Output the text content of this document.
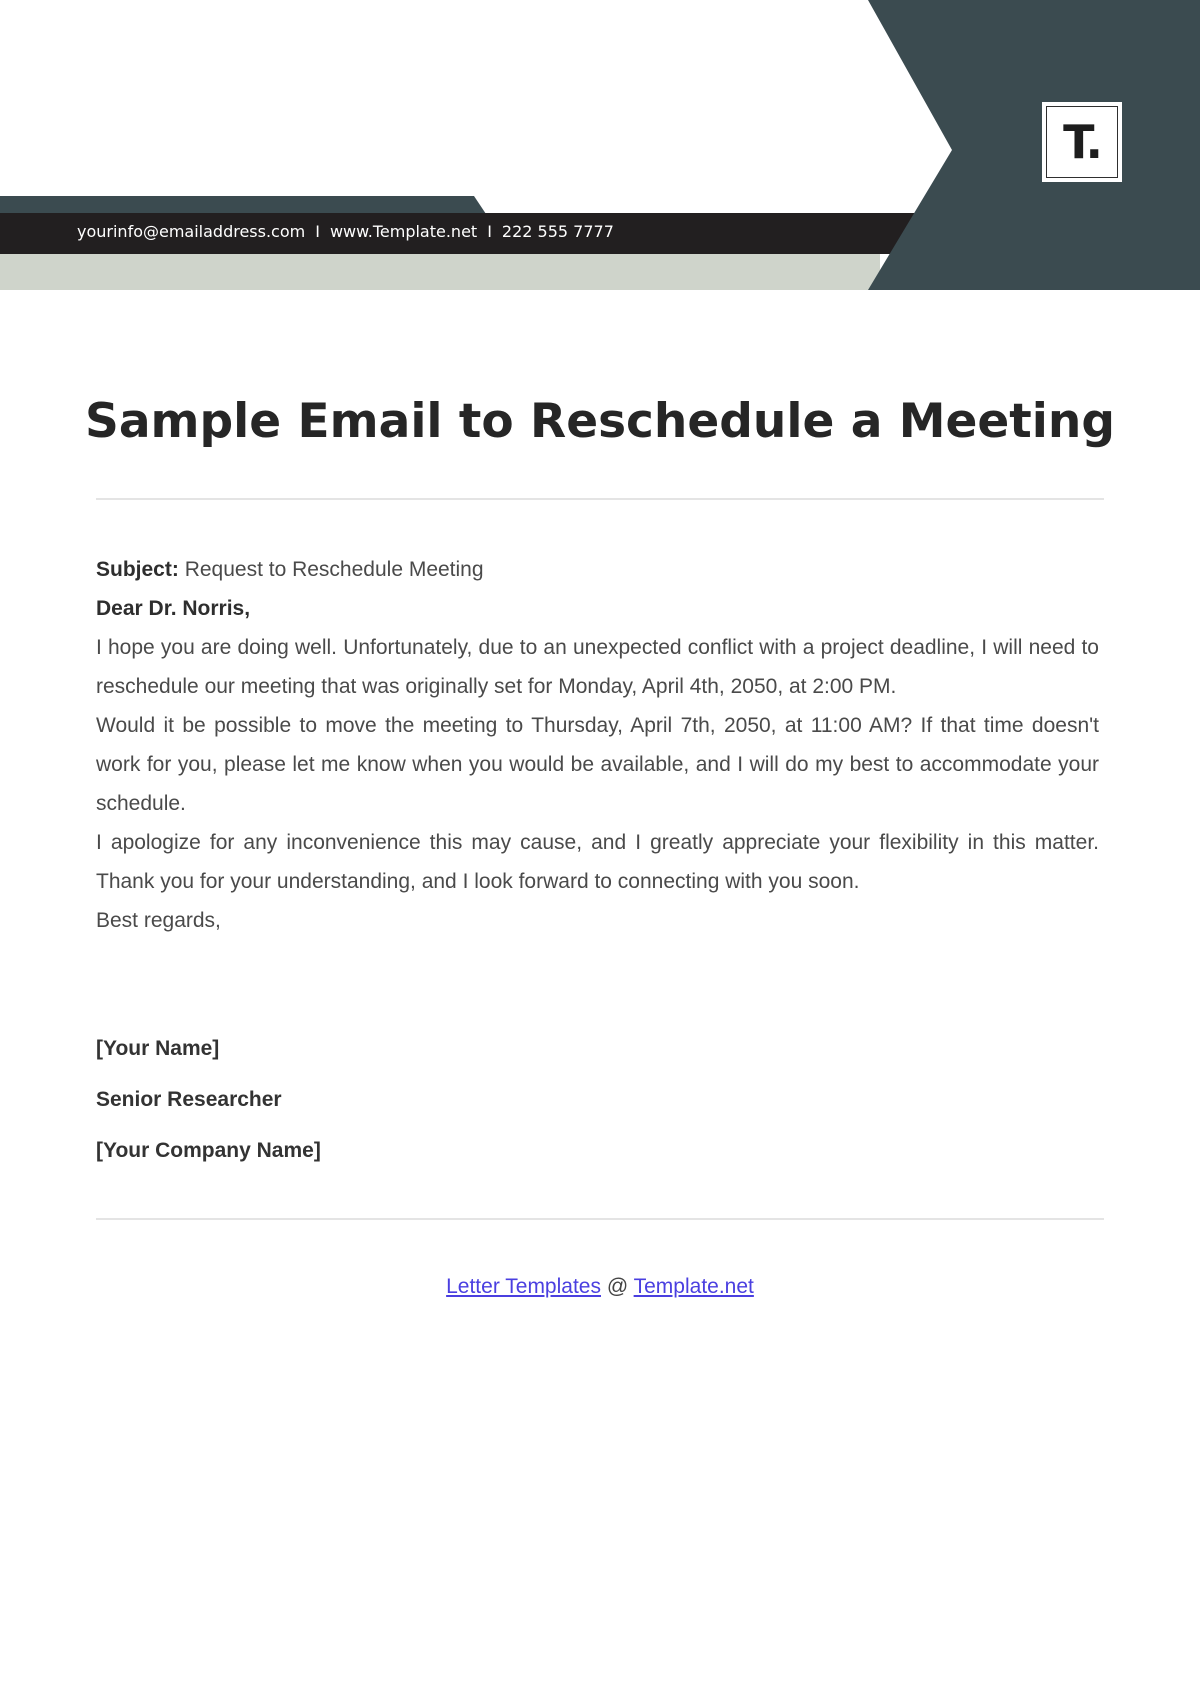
yourinfo@emailaddress.com I www.Template.net I 222 555 7777
T.
Sample Email to Reschedule a Meeting

Subject: Request to Reschedule Meeting

Dear Dr. Norris,

I hope you are doing well. Unfortunately, due to an unexpected conflict with a project deadline, I will need to reschedule our meeting that was originally set for Monday, April 4th, 2050, at 2:00 PM.

Would it be possible to move the meeting to Thursday, April 7th, 2050, at 11:00 AM? If that time doesn't work for you, please let me know when you would be available, and I will do my best to accommodate your schedule.

I apologize for any inconvenience this may cause, and I greatly appreciate your flexibility in this matter. Thank you for your understanding, and I look forward to connecting with you soon.

Best regards,

[Your Name]
Senior Researcher
[Your Company Name]
Letter Templates @ Template.net
